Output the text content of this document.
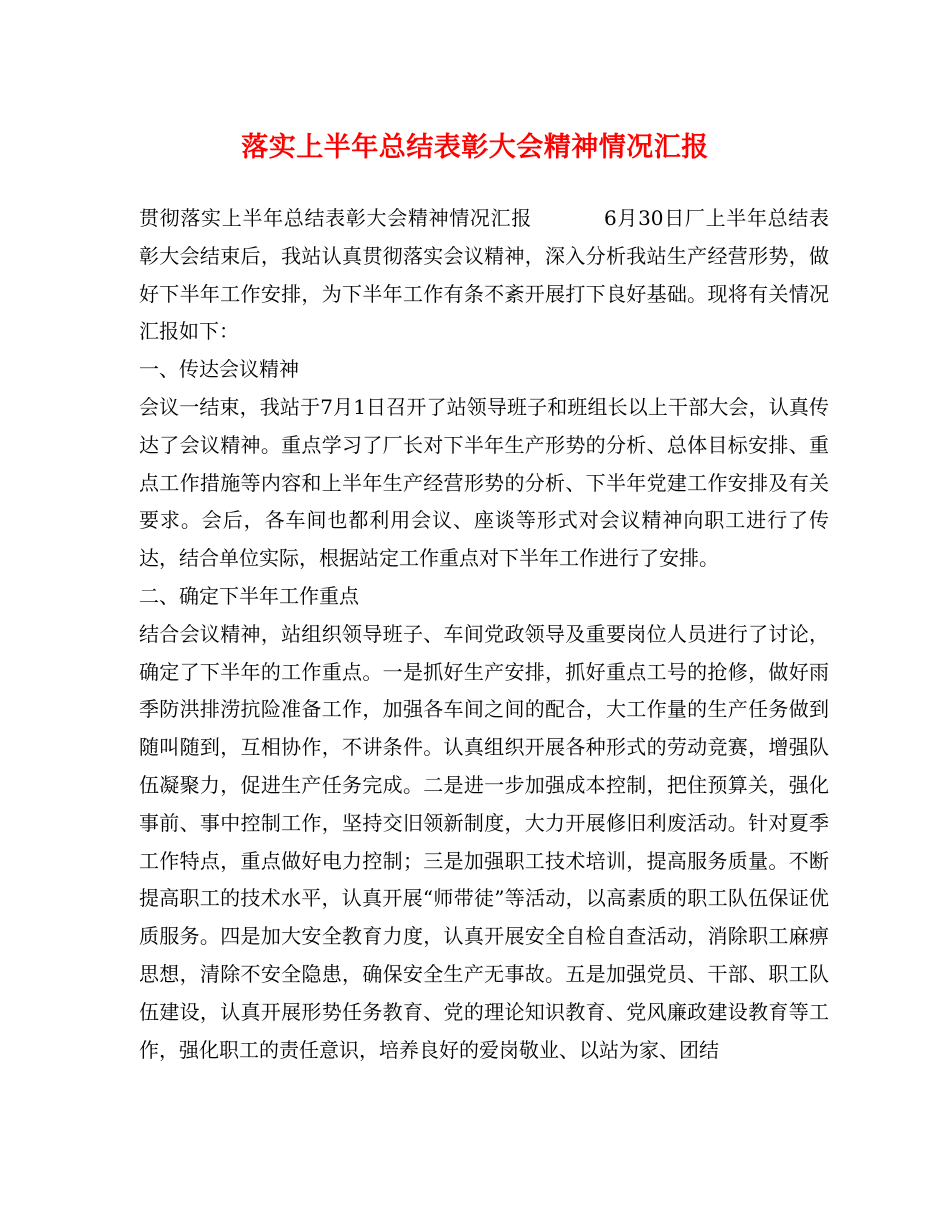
落实上半年总结表彰大会精神情况汇报

贯彻落实上半年总结表彰大会精神情况汇报	6月30日厂上半年总结表彰大会结束后，我站认真贯彻落实会议精神，深入分析我站生产经营形势，做好下半年工作安排，为下半年工作有条不紊开展打下良好基础。现将有关情况汇报如下：

一、传达会议精神

会议一结束，我站于7月1日召开了站领导班子和班组长以上干部大会，认真传达了会议精神。重点学习了厂长对下半年生产形势的分析、总体目标安排、重点工作措施等内容和上半年生产经营形势的分析、下半年党建工作安排及有关要求。会后，各车间也都利用会议、座谈等形式对会议精神向职工进行了传达，结合单位实际，根据站定工作重点对下半年工作进行了安排。

二、确定下半年工作重点

结合会议精神，站组织领导班子、车间党政领导及重要岗位人员进行了讨论，确定了下半年的工作重点。一是抓好生产安排，抓好重点工号的抢修，做好雨季防洪排涝抗险准备工作，加强各车间之间的配合，大工作量的生产任务做到随叫随到，互相协作，不讲条件。认真组织开展各种形式的劳动竞赛，增强队伍凝聚力，促进生产任务完成。二是进一步加强成本控制，把住预算关，强化事前、事中控制工作，坚持交旧领新制度，大力开展修旧利废活动。针对夏季工作特点，重点做好电力控制；三是加强职工技术培训，提高服务质量。不断提高职工的技术水平，认真开展“师带徒”等活动，以高素质的职工队伍保证优质服务。四是加大安全教育力度，认真开展安全自检自查活动，消除职工麻痹思想，清除不安全隐患，确保安全生产无事故。五是加强党员、干部、职工队伍建设，认真开展形势任务教育、党的理论知识教育、党风廉政建设教育等工作，强化职工的责任意识，培养良好的爱岗敬业、以站为家、团结
